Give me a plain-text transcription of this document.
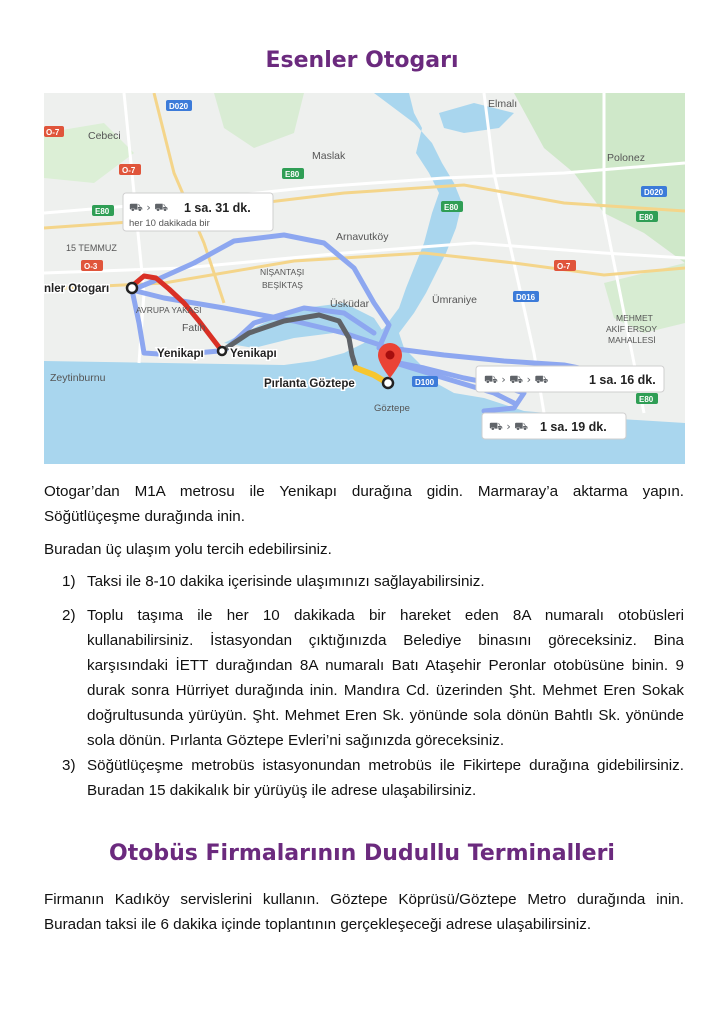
Esenler Otogarı
Elmalı
Cebeci
Maslak	Polonez
Arnavutköy
15 TEMMUZ
NİŞANTAŞI
BEŞİKTAŞ
Üsküdar	Ümraniye
AVRUPA YAKASI
Fatih
MEHMET
AKİF ERSOY
MAHALLESİ
Zeytinburnu
Göztepe
D020
O-7
O-7	E80
E80	E80
E80
D020
O-7
O-3
D016
D100
E80
nler Otogarı
Yenikapı Yenikapı
Pırlanta Göztepe
⛟ › ⛟ 1 sa. 31 dk.
her 10 dakikada bir
⛟ › ⛟ › ⛟	1 sa. 16 dk.
⛟ › ⛟ 1 sa. 19 dk.

Otogar’dan M1A metrosu ile Yenikapı durağına gidin. Marmaray’a aktarma yapın. Söğütlüçeşme durağında inin.

Buradan üç ulaşım yolu tercih edebilirsiniz.

1) Taksi ile 8-10 dakika içerisinde ulaşımınızı sağlayabilirsiniz.
2) Toplu taşıma ile her 10 dakikada bir hareket eden 8A numaralı otobüsleri kullanabilirsiniz. İstasyondan çıktığınızda Belediye binasını göreceksiniz. Bina karşısındaki İETT durağından 8A numaralı Batı Ataşehir Peronlar otobüsüne binin. 9 durak sonra Hürriyet durağında inin. Mandıra Cd. üzerinden Şht. Mehmet Eren Sokak doğrultusunda yürüyün. Şht. Mehmet Eren Sk. yönünde sola dönün Bahtlı Sk. yönünde sola dönün. Pırlanta Göztepe Evleri’ni sağınızda göreceksiniz.
3) Söğütlüçeşme metrobüs istasyonundan metrobüs ile Fikirtepe durağına gidebilirsiniz. Buradan 15 dakikalık bir yürüyüş ile adrese ulaşabilirsiniz.
Otobüs Firmalarının Dudullu Terminalleri

Firmanın Kadıköy servislerini kullanın. Göztepe Köprüsü/Göztepe Metro durağında inin. Buradan taksi ile 6 dakika içinde toplantının gerçekleşeceği adrese ulaşabilirsiniz.
